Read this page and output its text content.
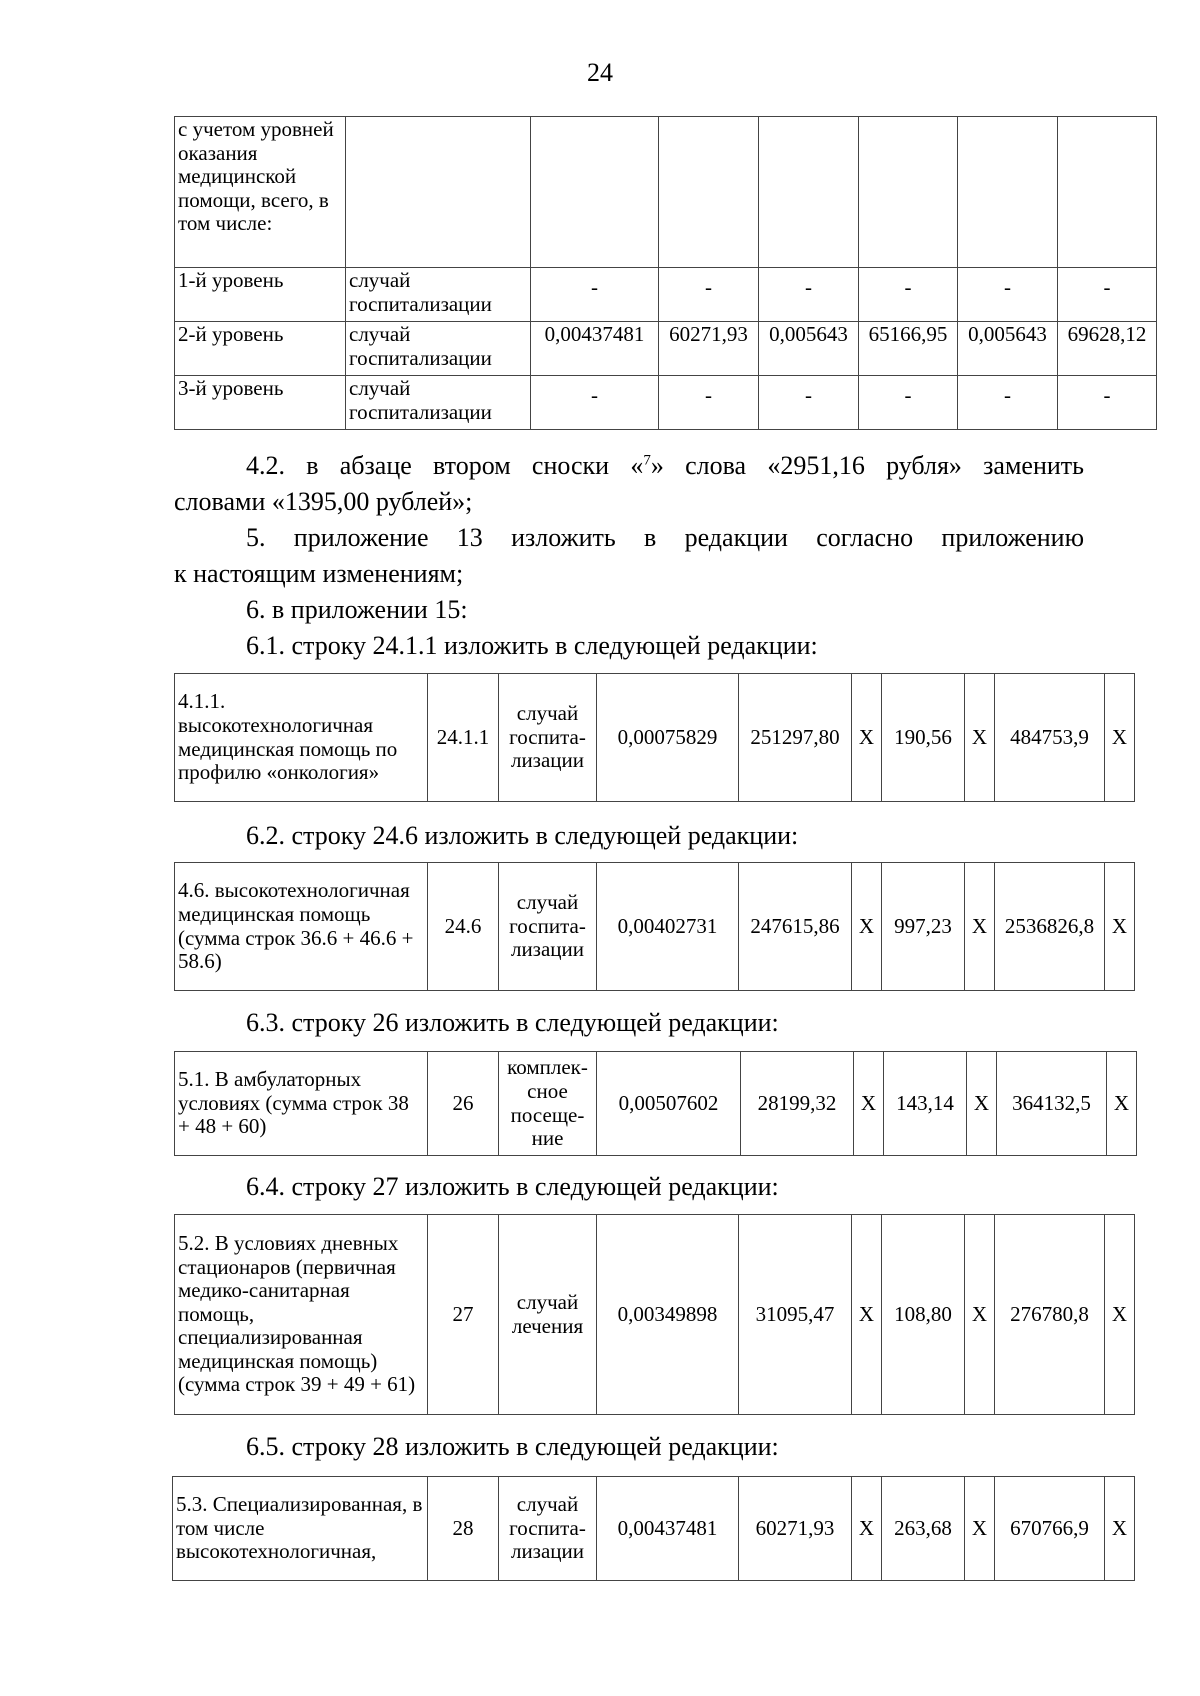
24
с учетом уровней оказания медицинской помощи, всего, в том числе:							
1-й уровень	случай госпитализации	-	-	-	-	-	-
2-й уровень	случай госпитализации	0,00437481	60271,93	0,005643	65166,95	0,005643	69628,12
3-й уровень	случай госпитализации	-	-	-	-	-	-
4.2. в абзаце втором сноски «$^7$» слова «2951,16 рубля» заменить
словами «1395,00 рублей»;
5. приложение 13 изложить в редакции согласно приложению
к настоящим изменениям;
6. в приложении 15:
6.1. строку 24.1.1 изложить в следующей редакции:
4.1.1. высокотехнологичная медицинская помощь по профилю «онкология»	24.1.1	случай госпита-лизации	0,00075829	251297,80	Х	190,56	Х	484753,9	Х
6.2. строку 24.6 изложить в следующей редакции:
4.6. высокотехнологичная медицинская помощь (сумма строк 36.6 + 46.6 + 58.6)	24.6	случай госпита-лизации	0,00402731	247615,86	Х	997,23	Х	2536826,8	Х
6.3. строку 26 изложить в следующей редакции:
5.1. В амбулаторных условиях (сумма строк 38 + 48 + 60)	26	комплек-сное посеще-ние	0,00507602	28199,32	Х	143,14	Х	364132,5	Х
6.4. строку 27 изложить в следующей редакции:
5.2. В условиях дневных стационаров (первичная медико-санитарная помощь, специализированная медицинская помощь) (сумма строк 39 + 49 + 61)	27	случай лечения	0,00349898	31095,47	Х	108,80	Х	276780,8	Х
6.5. строку 28 изложить в следующей редакции:
5.3. Специализированная, в том числе высокотехнологичная,	28	случай госпита-лизации	0,00437481	60271,93	Х	263,68	Х	670766,9	Х
